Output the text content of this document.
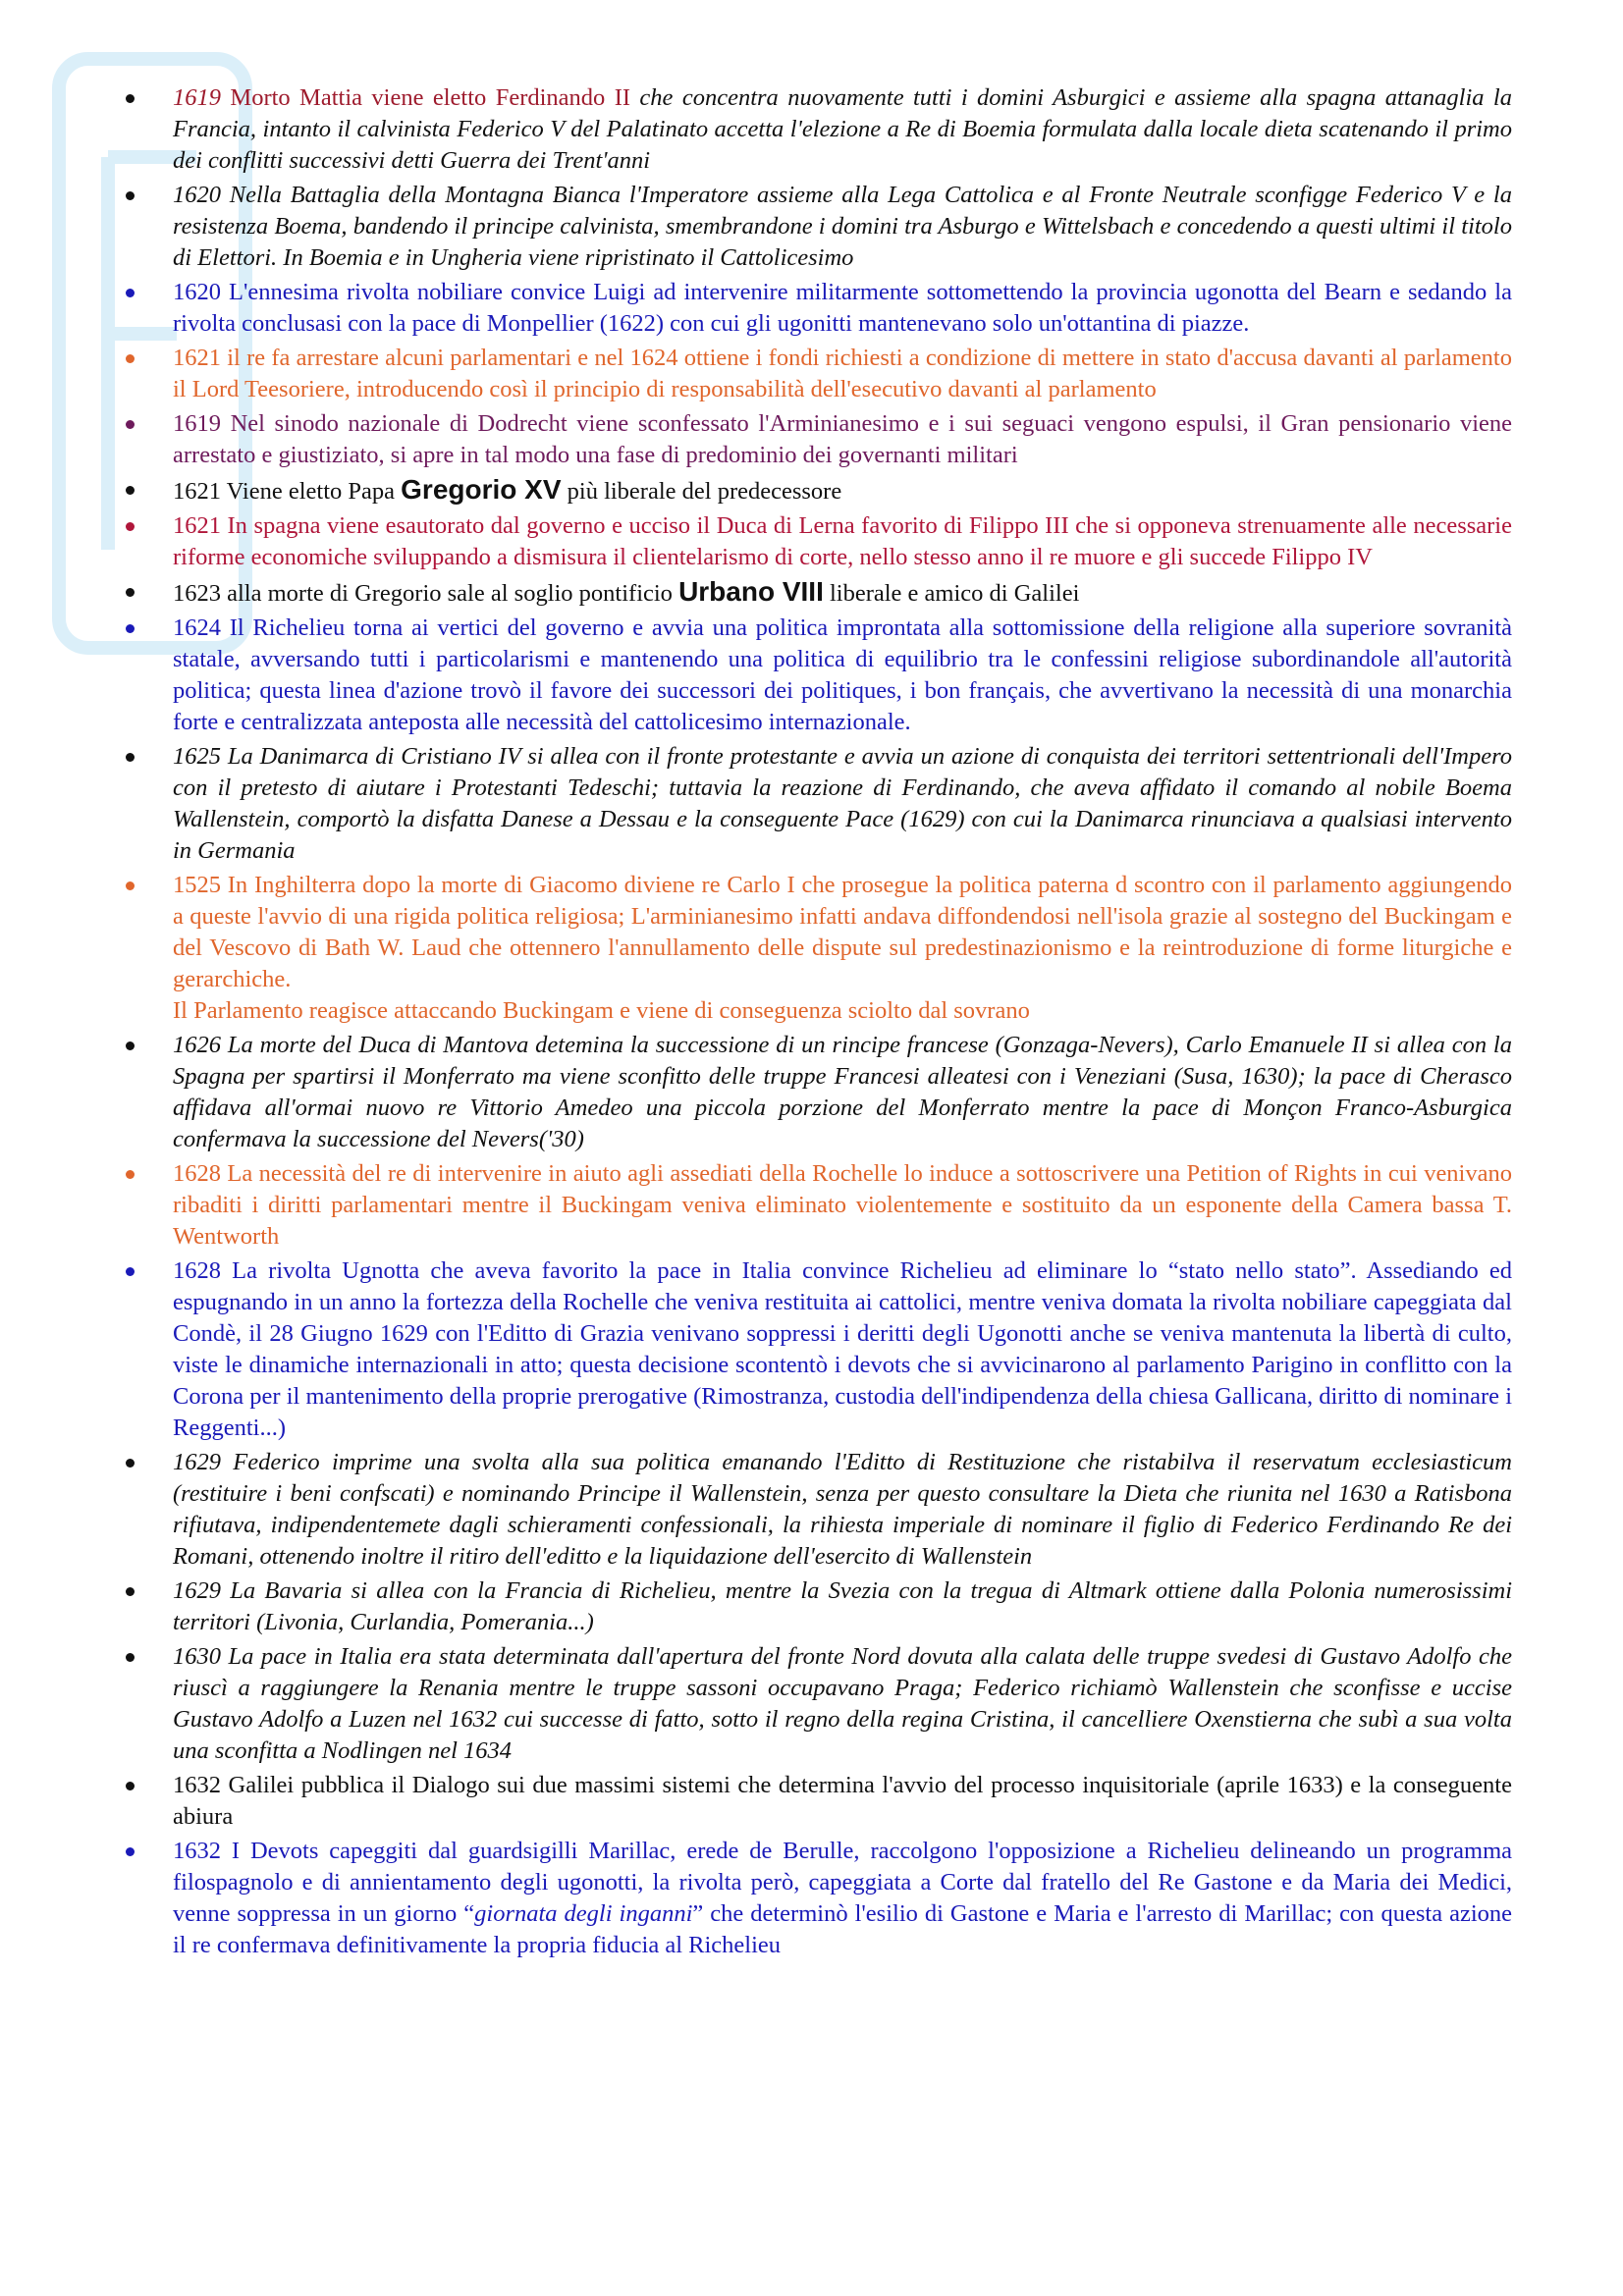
1619 Morto Mattia viene eletto Ferdinando II che concentra nuovamente tutti i domini Asburgici e assieme alla spagna attanaglia la Francia, intanto il calvinista Federico V del Palatinato accetta l'elezione a Re di Boemia formulata dalla locale dieta scatenando il primo dei conflitti successivi detti Guerra dei Trent'anni
1620 Nella Battaglia della Montagna Bianca l'Imperatore assieme alla Lega Cattolica e al Fronte Neutrale sconfigge Federico V e la resistenza Boema, bandendo il principe calvinista, smembrandone i domini tra Asburgo e Wittelsbach e concedendo a questi ultimi il titolo di Elettori. In Boemia e in Ungheria viene ripristinato il Cattolicesimo
1620 L'ennesima rivolta nobiliare convice Luigi ad intervenire militarmente sottomettendo la provincia ugonotta del Bearn e sedando la rivolta conclusasi con la pace di Monpellier (1622) con cui gli ugonitti mantenevano solo un'ottantina di piazze.
1621 il re fa arrestare alcuni parlamentari e nel 1624 ottiene i fondi richiesti a condizione di mettere in stato d'accusa davanti al parlamento il Lord Teesoriere, introducendo così il principio di responsabilità dell'esecutivo davanti al parlamento
1619 Nel sinodo nazionale di Dodrecht viene sconfessato l'Arminianesimo e i sui seguaci vengono espulsi, il Gran pensionario viene arrestato e giustiziato, si apre in tal modo una fase di predominio dei governanti militari
1621 Viene eletto Papa Gregorio XV più liberale del predecessore
1621 In spagna viene esautorato dal governo e ucciso il Duca di Lerna favorito di Filippo III che si opponeva strenuamente alle necessarie riforme economiche sviluppando a dismisura il clientelarismo di corte, nello stesso anno il re muore e gli succede Filippo IV
1623 alla morte di Gregorio sale al soglio pontificio Urbano VIII liberale e amico di Galilei
1624 Il Richelieu torna ai vertici del governo e avvia una politica improntata alla sottomissione della religione alla superiore sovranità statale, avversando tutti i particolarismi e mantenendo una politica di equilibrio tra le confessini religiose subordinandole all'autorità politica; questa linea d'azione trovò il favore dei successori dei politiques, i bon français, che avvertivano la necessità di una monarchia forte e centralizzata anteposta alle necessità del cattolicesimo internazionale.
1625 La Danimarca di Cristiano IV si allea con il fronte protestante e avvia un azione di conquista dei territori settentrionali dell'Impero con il pretesto di aiutare i Protestanti Tedeschi; tuttavia la reazione di Ferdinando, che aveva affidato il comando al nobile Boema Wallenstein, comportò la disfatta Danese a Dessau e la conseguente Pace (1629) con cui la Danimarca rinunciava a qualsiasi intervento in Germania
1525 In Inghilterra dopo la morte di Giacomo diviene re Carlo I che prosegue la politica paterna d scontro con il parlamento aggiungendo a queste l'avvio di una rigida politica religiosa; L'arminianesimo infatti andava diffondendosi nell'isola grazie al sostegno del Buckingam e del Vescovo di Bath W. Laud che ottennero l'annullamento delle dispute sul predestinazionismo e la reintroduzione di forme liturgiche e gerarchiche.
Il Parlamento reagisce attaccando Buckingam e viene di conseguenza sciolto dal sovrano
1626 La morte del Duca di Mantova detemina la successione di un rincipe francese (Gonzaga-Nevers), Carlo Emanuele II si allea con la Spagna per spartirsi il Monferrato ma viene sconfitto delle truppe Francesi alleatesi con i Veneziani (Susa, 1630); la pace di Cherasco affidava all'ormai nuovo re Vittorio Amedeo una piccola porzione del Monferrato mentre la pace di Monçon Franco-Asburgica confermava la successione del Nevers('30)
1628 La necessità del re di intervenire in aiuto agli assediati della Rochelle lo induce a sottoscrivere una Petition of Rights in cui venivano ribaditi i diritti parlamentari mentre il Buckingam veniva eliminato violentemente e sostituito da un esponente della Camera bassa T. Wentworth
1628 La rivolta Ugnotta che aveva favorito la pace in Italia convince Richelieu ad eliminare lo “stato nello stato”. Assediando ed espugnando in un anno la fortezza della Rochelle che veniva restituita ai cattolici, mentre veniva domata la rivolta nobiliare capeggiata dal Condè, il 28 Giugno 1629 con l'Editto di Grazia venivano soppressi i deritti degli Ugonotti anche se veniva mantenuta la libertà di culto, viste le dinamiche internazionali in atto; questa decisione scontentò i devots che si avvicinarono al parlamento Parigino in conflitto con la Corona per il mantenimento della proprie prerogative (Rimostranza, custodia dell'indipendenza della chiesa Gallicana, diritto di nominare i Reggenti...)
1629 Federico imprime una svolta alla sua politica emanando l'Editto di Restituzione che ristabilva il reservatum ecclesiasticum (restituire i beni confscati) e nominando Principe il Wallenstein, senza per questo consultare la Dieta che riunita nel 1630 a Ratisbona rifiutava, indipendentemete dagli schieramenti confessionali, la rihiesta imperiale di nominare il figlio di Federico Ferdinando Re dei Romani, ottenendo inoltre il ritiro dell'editto e la liquidazione dell'esercito di Wallenstein
1629 La Bavaria si allea con la Francia di Richelieu, mentre la Svezia con la tregua di Altmark ottiene dalla Polonia numerosissimi territori (Livonia, Curlandia, Pomerania...)
1630 La pace in Italia era stata determinata dall'apertura del fronte Nord dovuta alla calata delle truppe svedesi di Gustavo Adolfo che riuscì a raggiungere la Renania mentre le truppe sassoni occupavano Praga; Federico richiamò Wallenstein che sconfisse e uccise Gustavo Adolfo a Luzen nel 1632 cui successe di fatto, sotto il regno della regina Cristina, il cancelliere Oxenstierna che subì a sua volta una sconfitta a Nodlingen nel 1634
1632 Galilei pubblica il Dialogo sui due massimi sistemi che determina l'avvio del processo inquisitoriale (aprile 1633) e la conseguente abiura
1632 I Devots capeggiti dal guardsigilli Marillac, erede de Berulle, raccolgono l'opposizione a Richelieu delineando un programma filospagnolo e di annientamento degli ugonotti, la rivolta però, capeggiata a Corte dal fratello del Re Gastone e da Maria dei Medici, venne soppressa in un giorno “giornata degli inganni” che determinò l'esilio di Gastone e Maria e l'arresto di Marillac; con questa azione il re confermava definitivamente la propria fiducia al Richelieu
